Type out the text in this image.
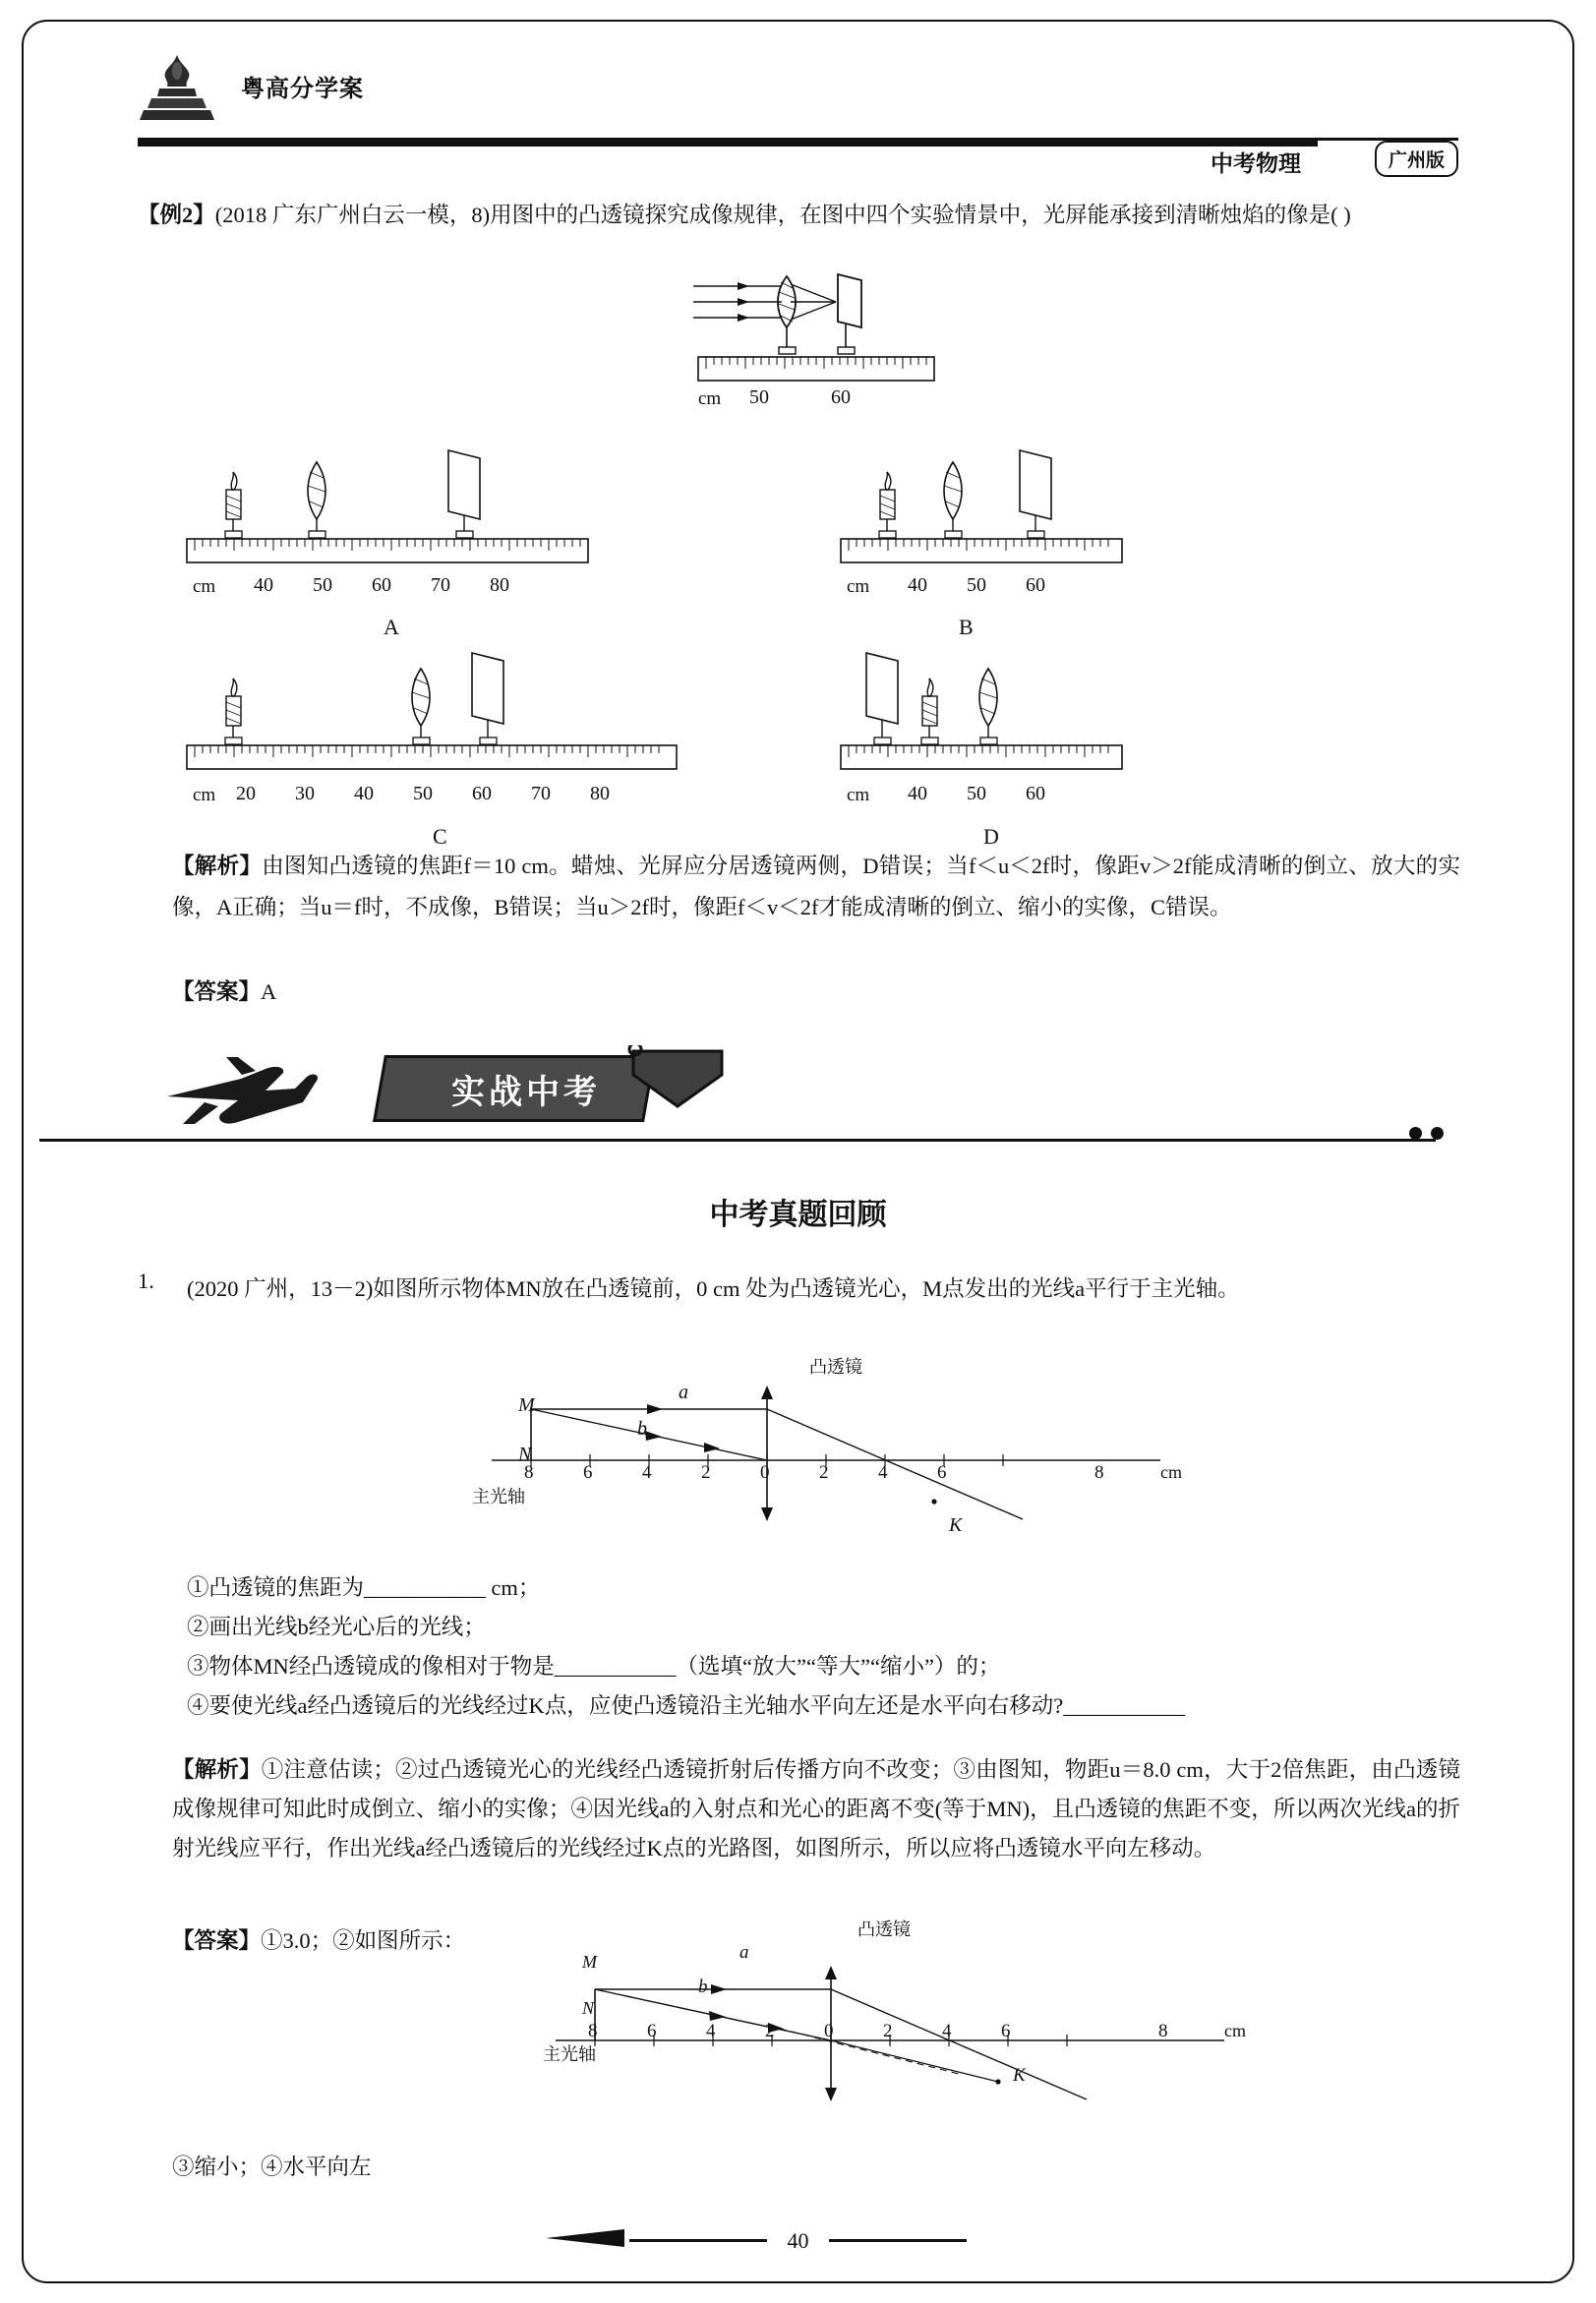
粤高分学案
中考物理	广州版
【例2】(2018 广东广州白云一模，8)用图中的凸透镜探究成像规律，在图中四个实验情景中，光屏能承接到清晰烛焰的像是( )
cm 50	60
cm 40 50 60 70 80
A
cm 40 50 60
B
cm 20 30 40 50 60 70 80
C
cm 40 50 60
D
【解析】由图知凸透镜的焦距f＝10 cm。蜡烛、光屏应分居透镜两侧，D错误；当f＜u＜2f时，像距v＞2f能成清晰的倒立、放大的实像，A正确；当u＝f时，不成像，B错误；当u＞2f时，像距f＜v＜2f才能成清晰的倒立、缩小的实像，C错误。
【答案】A
实战中考
中考真题回顾
1. (2020 广州，13－2)如图所示物体MN放在凸透镜前，0 cm 处为凸透镜光心，M点发出的光线a平行于主光轴。
M
N
a
b
凸透镜
主光轴
K
cm
8	6	4	2	0	2	4	6	8
①凸透镜的焦距为___________ cm；
②画出光线b经光心后的光线；
③物体MN经凸透镜成的像相对于物是___________（选填“放大”“等大”“缩小”）的；
④要使光线a经凸透镜后的光线经过K点，应使凸透镜沿主光轴水平向左还是水平向右移动?___________
【解析】①注意估读；②过凸透镜光心的光线经凸透镜折射后传播方向不改变；③由图知，物距u＝8.0 cm，大于2倍焦距，由凸透镜成像规律可知此时成倒立、缩小的实像；④因光线a的入射点和光心的距离不变(等于MN)，且凸透镜的焦距不变，所以两次光线a的折射光线应平行，作出光线a经凸透镜后的光线经过K点的光路图，如图所示，所以应将凸透镜水平向左移动。
【答案】①3.0；②如图所示：
M
N
a
b
凸透镜
主光轴
K
cm
8	6	4	2	0	2	4	6	8
③缩小；④水平向左
40
